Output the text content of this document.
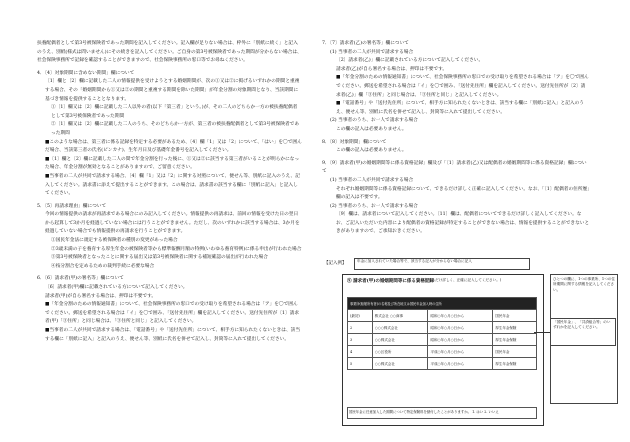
扶養配偶者として第3号被保険者であった期間を記入してください。記入欄が足りない場合は、枠外に「別紙に続く」と記入のうえ、別紙(様式は問いません)にその続きを記入してください。ご自身の第3号被保険者であった期間が分からない場合は、社会保険事務所で記録を確認することができますので、社会保険事務所の窓口等でお尋ねください。

4．〔4〕対象期間に含めない期間」欄について

〔1〕欄と〔2〕欄に記載した二人の情報提供を受けようとする婚姻期間が、次の①又は②に掲げるいずれかの期間と重複する場合、その「婚姻期間から①又は②の期間と重複する期間を除いた期間」が年金分割の対象期間となり、当該期間に基づき情報を提供することとなります。

①〔1〕欄又は〔2〕欄に記載した二人以外の者(以下「第三者」という。)が、その二人のどちらか一方の被扶養配偶者として第3号被保険者であった期間

②〔1〕欄又は〔2〕欄に記載した二人のうち、そのどちらか一方が、第三者の被扶養配偶者として第3号被保険者であった期間

■このような場合は、第三者に係る記録を特定する必要があるため、〔4〕欄「1」又は「2」について、「はい」を〇で囲んだ場合、当該第三者の氏名(ピンカナ)、生年月日及び基礎年金番号を記入してください。

■〔1〕欄と〔2〕欄に記載した二人の間で年金分割を行った後に、①又は②に該当する第三者がいることが明らかになった場合、年金分割が無効となることがありますので、ご留意ください。

■当事者の二人が共同で請求する場合、〔4〕欄「1」又は「2」に関する対照について、便せん等、別紙に記入のうえ、記入してください。請求書に添えて提出することができます。この場合は、請求書の該当する欄に「別紙に記入」と記入してください。

5．〔5〕再請求理由」欄について

今回の情報提供の請求が再請求である場合にのみ記入してください。情報提供の再請求は、前回の情報を受けた日の翌日から起算して3か月を経過していない場合には行うことができません。ただし、次のいずれかに該当する場合は、3か月を経過していない場合でも情報提供の再請求を行うことができます。

①国民年金法に規定する被保険者の種別の変更があった場合

②3歳未満の子を養育する厚生年金の被保険者等から標準報酬月額の特例(いわゆる養育特例)に係る申出が行われた場合

③第3号被保険者となったことに関する届出又は第3号被保険者に関する補短確認の届出が行われた場合

④按分割合を定めるための裁判手続に必要な場合

6．〔6〕請求者(甲)の署名等」欄について

〔6〕請求者(甲)欄に記載されている方について記入してください。

請求者(甲)が自ら署名する場合は、押印は不要です。

■「年金分割のための情報通知書」について、社会保険事務所の窓口での受け取りを希望される場合は「ア」を〇で囲んでください。郵送を希望される場合は「イ」を〇で囲み、「送付先住所」欄を記入してください。送付先住所が〔1〕請求者(甲)「③住所」と同じ場合は、「③住所と同じ」と記入してください。

■当事者の二人が共同で請求する場合は、「電話番号」や「送付先住所」について、相手方に知られたくないときは、該当する欄に「別紙に記入」と記入のうえ、便せん等、別紙に氏名を併せて記入し、封筒等に入れて提出してください。

7．〔7〕請求者(乙)の署名等」欄について

(1) 当事者の二人が共同で請求する場合

〔2〕請求者(乙)」欄に記載されている方について記入してください。

請求者(乙)が自ら署名する場合は、押印は不要です。

■「年金分割のための情報通知書」について、社会保険事務所の窓口での受け取りを希望される場合は「ア」を〇で囲んでください。郵送を希望される場合は「イ」を〇で囲み、「送付先住所」欄を記入してください。送付先住所が〔2〕請求者(乙)」欄「③住所」と同じ場合は、「③住所と同じ」と記入してください。

■「電話番号」や「送付先住所」について、相手方に知られたくないときは、該当する欄に「別紙に記入」と記入のうえ、便せん等、別紙に氏名を併せて記入し、封筒等に入れて提出してください。

(2) 当事者のうち、お一人で請求する場合

この欄の記入は必要ありません。

8．〔8〕対象期間」欄について

この欄の記入は必要ありません。

9．〔9〕請求者(甲)の婚姻期間等に係る資格記録」欄及び「〔1〕請求者(乙)又は配偶者の婚姻期間等に係る資格記録」欄について

(1) 当事者の二人が共同で請求する場合

それぞれ婚姻期間等に係る資格記録について、できるだけ詳しく正確に記入してください。なお、「〔1〕配偶者の住所歴」欄の記入は不要です。

(2) 当事者のうち、お一人で請求する場合

〔9〕欄は、請求者について記入してください。〔11〕欄は、配偶者についてできるだけ詳しく記入してください。なお、ご記入いただいた内容により配偶者の資格記録が特定することができない場合は、情報を提供することができないときがありますので、ご承知おきください。

【記入例】	年金に加入されていた場合等で、該当する記入が分からない場合に記入
⑨ 請求者(甲)の婚姻期間等に係る資格記録
(できるだけ詳しく、正確に記入してください。)
事業所(船舶所有者)の名称及び所在地又は国民年金加入時の住所			
(最初)	株式会社 ○○商事	昭和○年○月○日から	国民年金
2	○○○株式会社	昭和○年○月○日から	厚生年金保険
3	○○株式会社	昭和○年○月○日から	厚生年金保険
4	○○区役所	平成○年○月○日から	国民年金
5	○○株式会社	平成○年○月○日から	厚生年金保険
国民年金に任意加入した期間について特定保険料を納付したことがありますか。 1. はい 2. いいえ
ひとつの欄に、1つの事業所、1つの住所期間に関する情報を記入してください。
「国民年金」、「共済組合等」のいずれかを記入してください。
